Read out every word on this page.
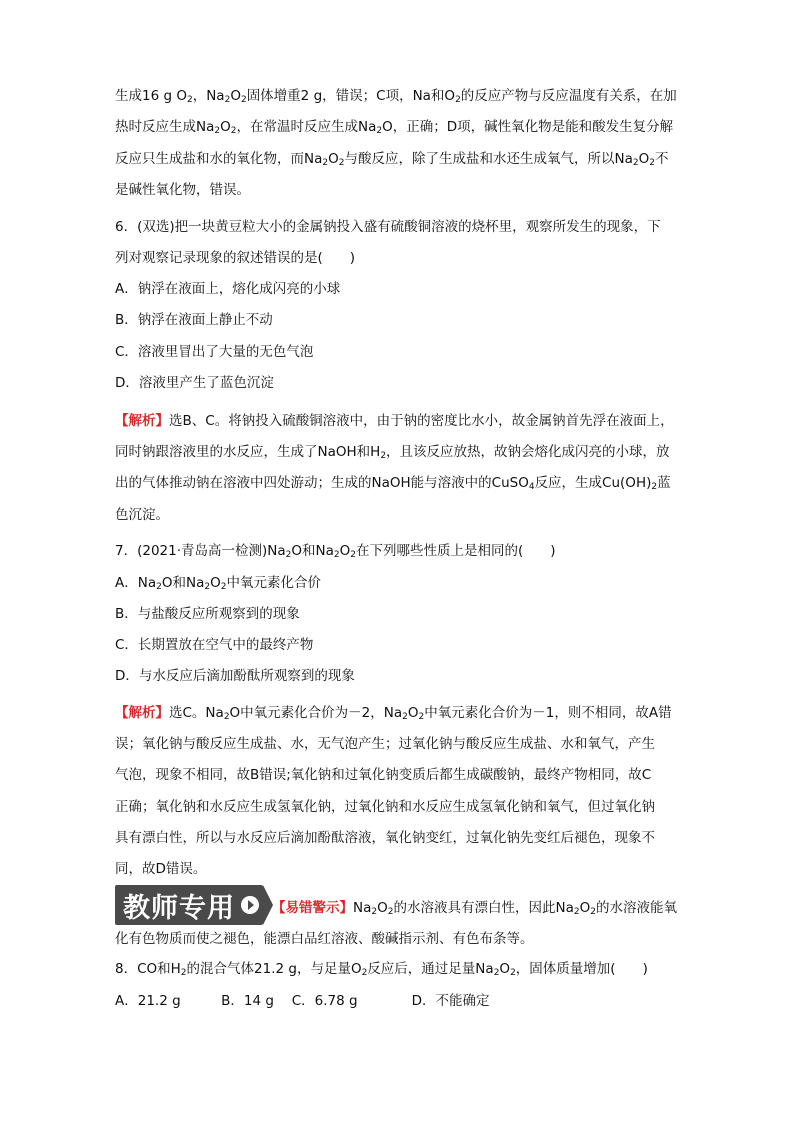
生成16 g $O_2$，$Na_2O_2$固体增重2 g，错误；C项，Na和$O_2$的反应产物与反应温度有关系，在加
热时反应生成$Na_2O_2$，在常温时反应生成$Na_2O$，正确；D项，碱性氧化物是能和酸发生复分解
反应只生成盐和水的氧化物，而$Na_2O_2$与酸反应，除了生成盐和水还生成氧气，所以$Na_2O_2$不
是碱性氧化物，错误。
6．(双选)把一块黄豆粒大小的金属钠投入盛有硫酸铜溶液的烧杯里，观察所发生的现象，下
列对观察记录现象的叙述错误的是(　　)
A．钠浮在液面上，熔化成闪亮的小球
B．钠浮在液面上静止不动
C．溶液里冒出了大量的无色气泡
D．溶液里产生了蓝色沉淀
【解析】选B、C。将钠投入硫酸铜溶液中，由于钠的密度比水小，故金属钠首先浮在液面上，
同时钠跟溶液里的水反应，生成了NaOH和$H_2$，且该反应放热，故钠会熔化成闪亮的小球，放
出的气体推动钠在溶液中四处游动；生成的NaOH能与溶液中的CuSO$_4$反应，生成$Cu(OH)_2$蓝
色沉淀。
7．(2021·青岛高一检测)$Na_2O$和$Na_2O_2$在下列哪些性质上是相同的(　　)
A．$Na_2O$和$Na_2O_2$中氧元素化合价
B．与盐酸反应所观察到的现象
C．长期置放在空气中的最终产物
D．与水反应后滴加酚酞所观察到的现象
【解析】选C。$Na_2O$中氧元素化合价为－2，$Na_2O_2$中氧元素化合价为－1，则不相同，故A错
误；氧化钠与酸反应生成盐、水，无气泡产生；过氧化钠与酸反应生成盐、水和氧气，产生
气泡，现象不相同，故B错误;氧化钠和过氧化钠变质后都生成碳酸钠，最终产物相同，故C
正确；氧化钠和水反应生成氢氧化钠，过氧化钠和水反应生成氢氧化钠和氧气，但过氧化钠
具有漂白性，所以与水反应后滴加酚酞溶液，氧化钠变红，过氧化钠先变红后褪色，现象不
同，故D错误。
教师专用	【易错警示】$Na_2O_2$的水溶液具有漂白性，因此$Na_2O_2$的水溶液能氧
化有色物质而使之褪色，能漂白品红溶液、酸碱指示剂、有色布条等。
8．CO和$H_2$的混合气体21.2 g，与足量$O_2$反应后，通过足量$Na_2O_2$，固体质量增加(　　)
A．21.2 g　　　B．14 g　 C．6.78 g　　　　D．不能确定
